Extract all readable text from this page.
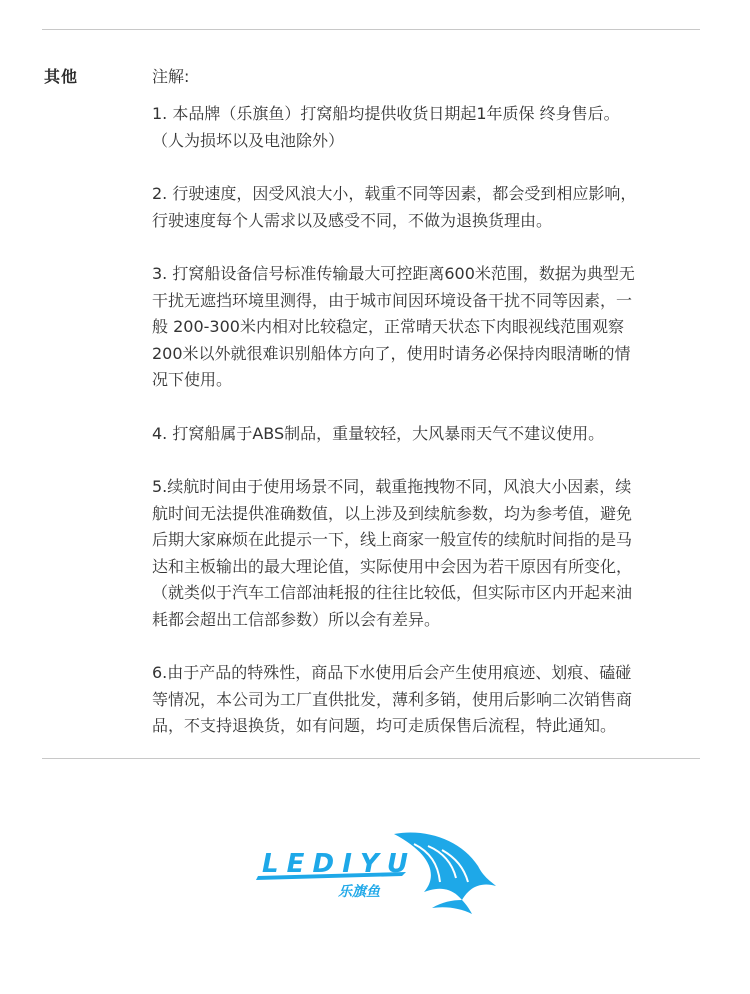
其他	注解:

1. 本品牌（乐旗鱼）打窝船均提供收货日期起1年质保 终身售后。
（人为损坏以及电池除外）

2. 行驶速度，因受风浪大小，载重不同等因素，都会受到相应影响，
行驶速度每个人需求以及感受不同，不做为退换货理由。

3. 打窝船设备信号标准传输最大可控距离600米范围，数据为典型无
干扰无遮挡环境里测得，由于城市间因环境设备干扰不同等因素，一
般 200-300米内相对比较稳定，正常晴天状态下肉眼视线范围观察
200米以外就很难识别船体方向了，使用时请务必保持肉眼清晰的情
况下使用。

4. 打窝船属于ABS制品，重量较轻，大风暴雨天气不建议使用。

5.续航时间由于使用场景不同，载重拖拽物不同，风浪大小因素，续
航时间无法提供准确数值，以上涉及到续航参数，均为参考值，避免
后期大家麻烦在此提示一下，线上商家一般宣传的续航时间指的是马
达和主板输出的最大理论值，实际使用中会因为若干原因有所变化，
（就类似于汽车工信部油耗报的往往比较低，但实际市区内开起来油
耗都会超出工信部参数）所以会有差异。

6.由于产品的特殊性，商品下水使用后会产生使用痕迹、划痕、磕碰
等情况，本公司为工厂直供批发，薄利多销，使用后影响二次销售商
品，不支持退换货，如有问题，均可走质保售后流程，特此通知。

LEDIYU
乐旗鱼
